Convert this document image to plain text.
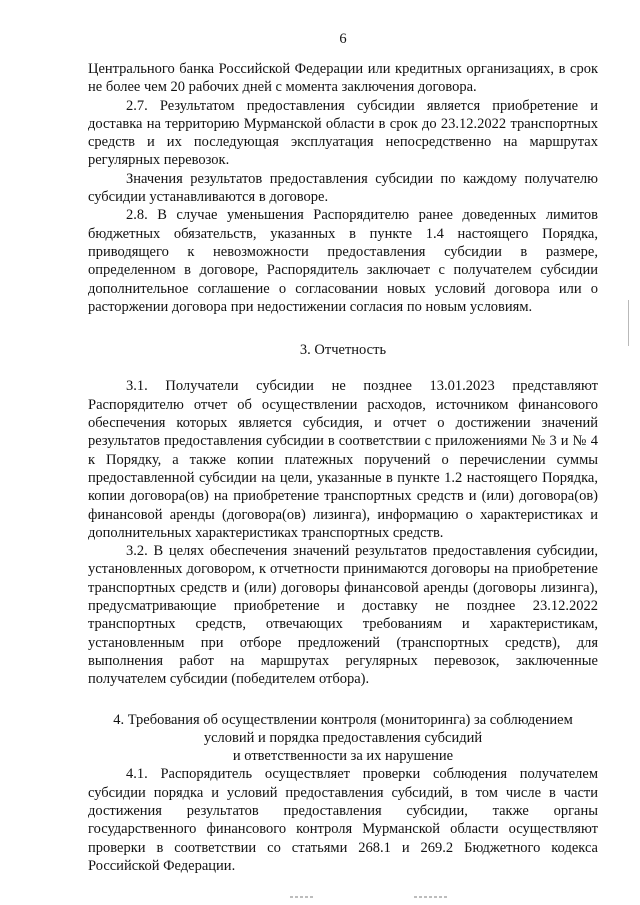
6

Центрального банка Российской Федерации или кредитных организациях, в срок не более чем 20 рабочих дней с момента заключения договора.

2.7. Результатом предоставления субсидии является приобретение и доставка на территорию Мурманской области в срок до 23.12.2022 транспортных средств и их последующая эксплуатация непосредственно на маршрутах регулярных перевозок.

Значения результатов предоставления субсидии по каждому получателю субсидии устанавливаются в договоре.

2.8. В случае уменьшения Распорядителю ранее доведенных лимитов бюджетных обязательств, указанных в пункте 1.4 настоящего Порядка, приводящего к невозможности предоставления субсидии в размере, определенном в договоре, Распорядитель заключает с получателем субсидии дополнительное соглашение о согласовании новых условий договора или о расторжении договора при недостижении согласия по новым условиям.

3. Отчетность

3.1. Получатели субсидии не позднее 13.01.2023 представляют Распорядителю отчет об осуществлении расходов, источником финансового обеспечения которых является субсидия, и отчет о достижении значений результатов предоставления субсидии в соответствии с приложениями № 3 и № 4 к Порядку, а также копии платежных поручений о перечислении суммы предоставленной субсидии на цели, указанные в пункте 1.2 настоящего Порядка, копии договора(ов) на приобретение транспортных средств и (или) договора(ов) финансовой аренды (договора(ов) лизинга), информацию о характеристиках и дополнительных характеристиках транспортных средств.

3.2. В целях обеспечения значений результатов предоставления субсидии, установленных договором, к отчетности принимаются договоры на приобретение транспортных средств и (или) договоры финансовой аренды (договоры лизинга), предусматривающие приобретение и доставку не позднее 23.12.2022 транспортных средств, отвечающих требованиям и характеристикам, установленным при отборе предложений (транспортных средств), для выполнения работ на маршрутах регулярных перевозок, заключенные получателем субсидии (победителем отбора).

4. Требования об осуществлении контроля (мониторинга) за соблюдением
условий и порядка предоставления субсидий
и ответственности за их нарушение

4.1. Распорядитель осуществляет проверки соблюдения получателем субсидии порядка и условий предоставления субсидий, в том числе в части достижения результатов предоставления субсидии, также органы государственного финансового контроля Мурманской области осуществляют проверки в соответствии со статьями 268.1 и 269.2 Бюджетного кодекса Российской Федерации.
